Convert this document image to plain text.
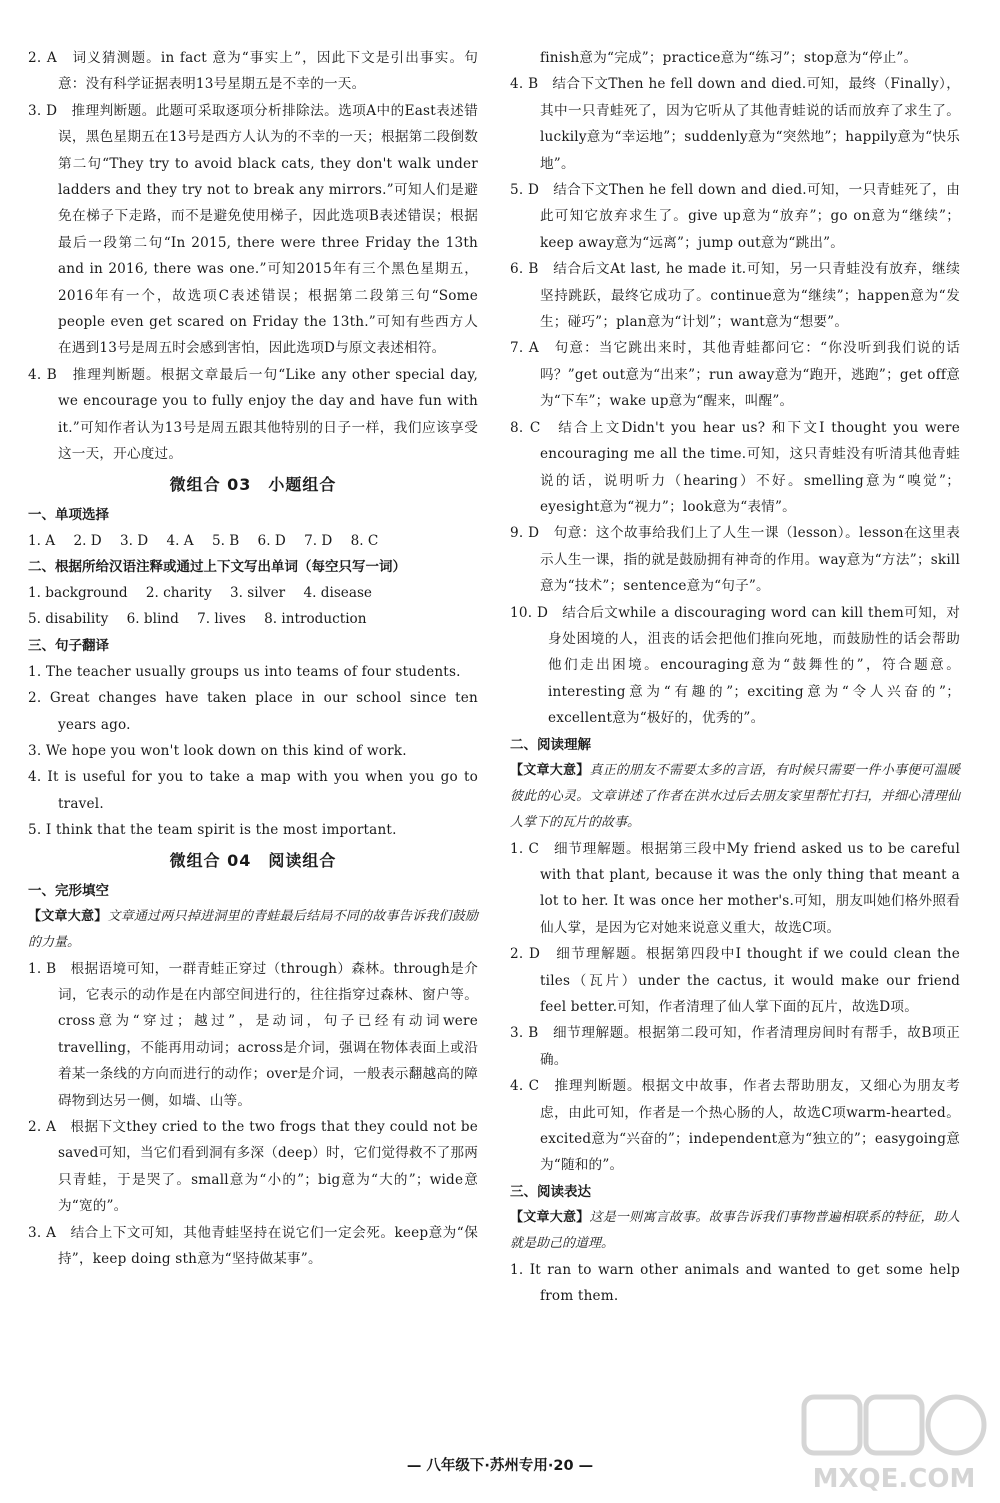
2. A　词义猜测题。in fact 意为“事实上”，因此下文是引出事实。句意：没有科学证据表明13号星期五是不幸的一天。

3. D　推理判断题。此题可采取逐项分析排除法。选项A中的East表述错误，黑色星期五在13号是西方人认为的不幸的一天；根据第二段倒数第二句“They try to avoid black cats, they don't walk under ladders and they try not to break any mirrors.”可知人们是避免在梯子下走路，而不是避免使用梯子，因此选项B表述错误；根据最后一段第二句“In 2015, there were three Friday the 13th and in 2016, there was one.”可知2015年有三个黑色星期五，2016年有一个，故选项C表述错误；根据第二段第三句“Some people even get scared on Friday the 13th.”可知有些西方人在遇到13号是周五时会感到害怕，因此选项D与原文表述相符。

4. B　推理判断题。根据文章最后一句“Like any other special day, we encourage you to fully enjoy the day and have fun with it.”可知作者认为13号是周五跟其他特别的日子一样，我们应该享受这一天，开心度过。

微组合 03　小题组合

一、单项选择

1. A 2. D 3. D 4. A 5. B 6. D 7. D 8. C

二、根据所给汉语注释或通过上下文写出单词（每空只写一词）

1. background 2. charity 3. silver 4. disease

5. disability 6. blind 7. lives 8. introduction

三、句子翻译

1. The teacher usually groups us into teams of four students.

2. Great changes have taken place in our school since ten years ago.

3. We hope you won't look down on this kind of work.

4. It is useful for you to take a map with you when you go to travel.

5. I think that the team spirit is the most important.

微组合 04　阅读组合

一、完形填空

【文章大意】文章通过两只掉进洞里的青蛙最后结局不同的故事告诉我们鼓励的力量。

1. B　根据语境可知，一群青蛙正穿过（through）森林。through是介词，它表示的动作是在内部空间进行的，往往指穿过森林、窗户等。cross意为“穿过；越过”，是动词，句子已经有动词were travelling，不能再用动词；across是介词，强调在物体表面上或沿着某一条线的方向而进行的动作；over是介词，一般表示翻越高的障碍物到达另一侧，如墙、山等。

2. A　根据下文they cried to the two frogs that they could not be saved可知，当它们看到洞有多深（deep）时，它们觉得救不了那两只青蛙，于是哭了。small意为“小的”；big意为“大的”；wide意为“宽的”。

3. A　结合上下文可知，其他青蛙坚持在说它们一定会死。keep意为“保持”，keep doing sth意为“坚持做某事”。

finish意为“完成”；practice意为“练习”；stop意为“停止”。

4. B　结合下文Then he fell down and died.可知，最终（Finally），其中一只青蛙死了，因为它听从了其他青蛙说的话而放弃了求生了。luckily意为“幸运地”；suddenly意为“突然地”；happily意为“快乐地”。

5. D　结合下文Then he fell down and died.可知，一只青蛙死了，由此可知它放弃求生了。give up意为“放弃”；go on意为“继续”；keep away意为“远离”；jump out意为“跳出”。

6. B　结合后文At last, he made it.可知，另一只青蛙没有放弃，继续坚持跳跃，最终它成功了。continue意为“继续”；happen意为“发生；碰巧”；plan意为“计划”；want意为“想要”。

7. A　句意：当它跳出来时，其他青蛙都问它：“你没听到我们说的话吗？”get out意为“出来”；run away意为“跑开，逃跑”；get off意为“下车”；wake up意为“醒来，叫醒”。

8. C　结合上文Didn't you hear us? 和下文I thought you were encouraging me all the time.可知，这只青蛙没有听清其他青蛙说的话，说明听力（hearing）不好。smelling意为“嗅觉”；eyesight意为“视力”；look意为“表情”。

9. D　句意：这个故事给我们上了人生一课（lesson）。lesson在这里表示人生一课，指的就是鼓励拥有神奇的作用。way意为“方法”；skill意为“技术”；sentence意为“句子”。

10. D　结合后文while a discouraging word can kill them可知，对身处困境的人，沮丧的话会把他们推向死地，而鼓励性的话会帮助他们走出困境。encouraging意为“鼓舞性的”，符合题意。interesting意为“有趣的”；exciting意为“令人兴奋的”；excellent意为“极好的，优秀的”。

二、阅读理解

【文章大意】真正的朋友不需要太多的言语，有时候只需要一件小事便可温暖彼此的心灵。文章讲述了作者在洪水过后去朋友家里帮忙打扫，并细心清理仙人掌下的瓦片的故事。

1. C　细节理解题。根据第三段中My friend asked us to be careful with that plant, because it was the only thing that meant a lot to her. It was once her mother's.可知，朋友叫她们格外照看仙人掌，是因为它对她来说意义重大，故选C项。

2. D　细节理解题。根据第四段中I thought if we could clean the tiles（瓦片）under the cactus, it would make our friend feel better.可知，作者清理了仙人掌下面的瓦片，故选D项。

3. B　细节理解题。根据第二段可知，作者清理房间时有帮手，故B项正确。

4. C　推理判断题。根据文中故事，作者去帮助朋友，又细心为朋友考虑，由此可知，作者是一个热心肠的人，故选C项warm-hearted。excited意为“兴奋的”；independent意为“独立的”；easygoing意为“随和的”。

三、阅读表达

【文章大意】这是一则寓言故事。故事告诉我们事物普遍相联系的特征，助人就是助己的道理。

1. It ran to warn other animals and wanted to get some help from them.

— 八年级下·苏州专用·20 —	MXQE.COM
